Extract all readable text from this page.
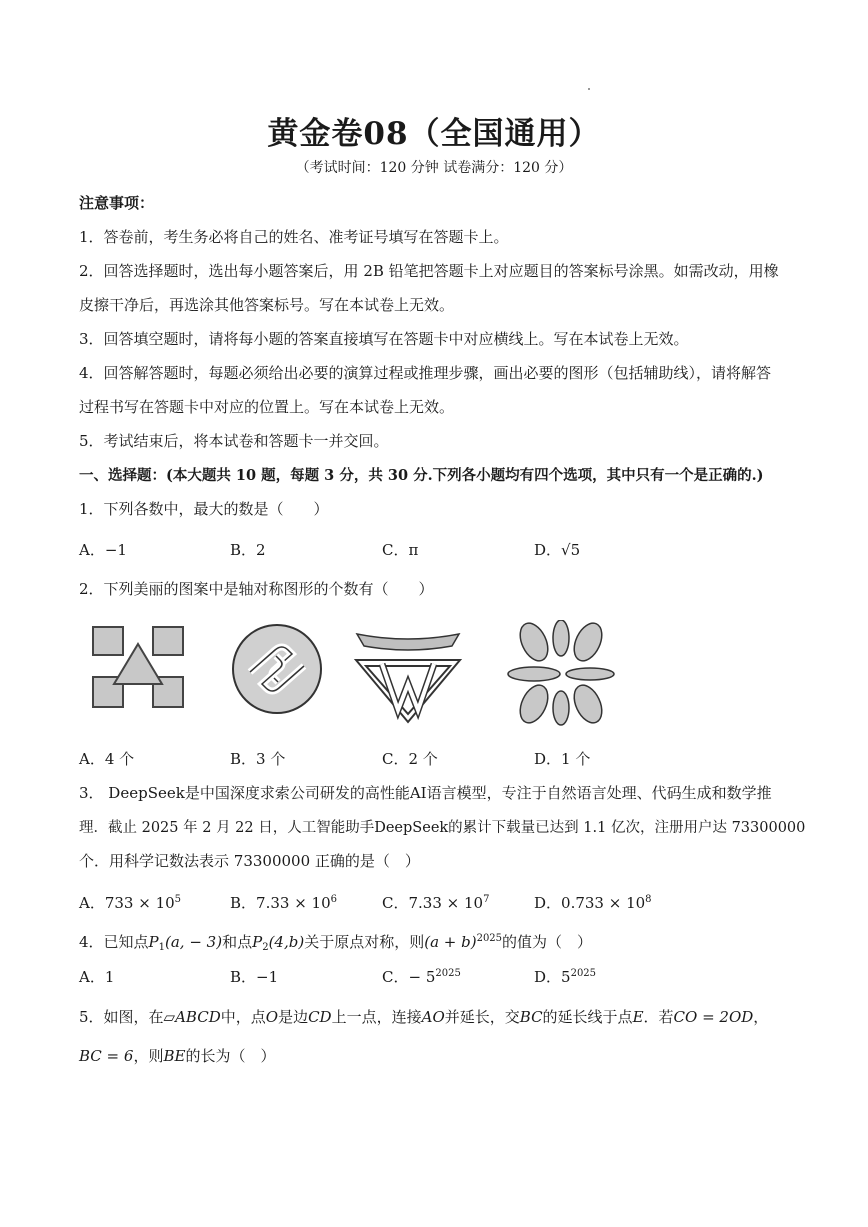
黄金卷08（全国通用）
（考试时间：120 分钟 试卷满分：120 分）
注意事项：
1．答卷前，考生务必将自己的姓名、准考证号填写在答题卡上。
2．回答选择题时，选出每小题答案后，用 2B 铅笔把答题卡上对应题目的答案标号涂黑。如需改动，用橡
皮擦干净后，再选涂其他答案标号。写在本试卷上无效。
3．回答填空题时，请将每小题的答案直接填写在答题卡中对应横线上。写在本试卷上无效。
4．回答解答题时，每题必须给出必要的演算过程或推理步骤，画出必要的图形（包括辅助线），请将解答
过程书写在答题卡中对应的位置上。写在本试卷上无效。
5．考试结束后，将本试卷和答题卡一并交回。
一、选择题：(本大题共 10 题，每题 3 分，共 30 分.下列各小题均有四个选项，其中只有一个是正确的.)
1．下列各数中，最大的数是（　　）
A．−1	B．2	C．π	D．√5
2．下列美丽的图案中是轴对称图形的个数有（　　）
A．4 个	B．3 个	C．2 个	D．1 个
3． DeepSeek是中国深度求索公司研发的高性能AI语言模型，专注于自然语言处理、代码生成和数学推
理．截止 2025 年 2 月 22 日，人工智能助手DeepSeek的累计下载量已达到 1.1 亿次，注册用户达 73300000
个．用科学记数法表示 73300000 正确的是（　）
A．$733 \times 10^5$	B．$7.33 \times 10^6$	C．$7.33 \times 10^7$	D．$0.733 \times 10^8$
4．已知点$P_1(a$, − 3)和点$P_2(4,b)$关于原点对称，则$(a + b)^{2025}$的值为（　）
A．1	B．−1	C．− $5^{2025}$	D．$5^{2025}$
5．如图，在▱ABCD中，点O是边CD上一点，连接AO并延长，交BC的延长线于点E．若CO = 2OD，
BC = 6，则BE的长为（　）
